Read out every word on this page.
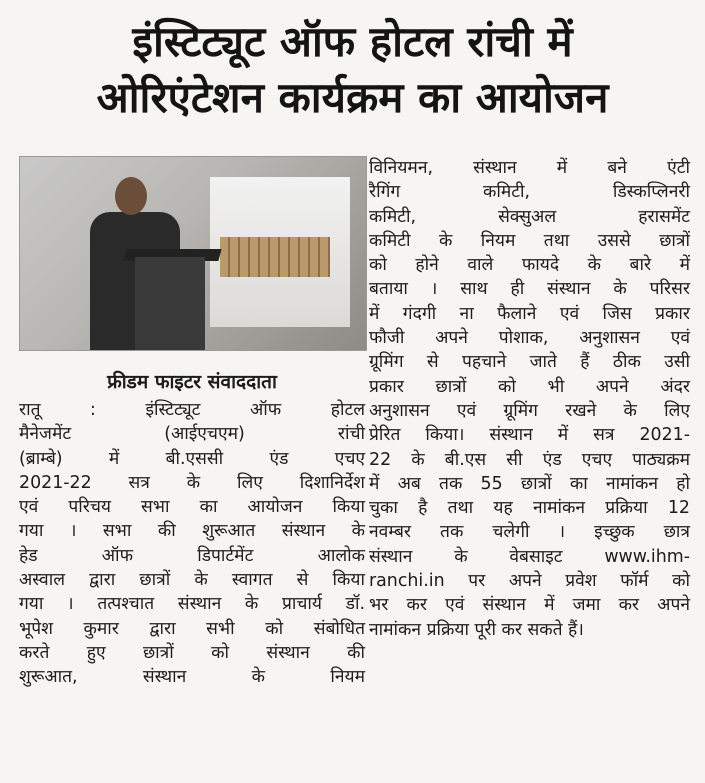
इंस्टिट्यूट ऑफ होटल रांची में
ओरिएंटेशन कार्यक्रम का आयोजन
फ्रीडम फाइटर संवाददाता
रातू : इंस्टिट्यूट ऑफ होटल
मैनेजमेंट (आईएचएम) रांची
(ब्राम्बे) में बी.एससी एंड एचए
2021-22 सत्र के लिए दिशानिर्देश
एवं परिचय सभा का आयोजन किया
गया । सभा की शुरूआत संस्थान के
हेड ऑफ डिपार्टमेंट आलोक
अस्वाल द्वारा छात्रों के स्वागत से किया
गया । तत्पश्चात संस्थान के प्राचार्य डॉ.
भूपेश कुमार द्वारा सभी को संबोधित
करते हुए छात्रों को संस्थान की
शुरूआत, संस्थान के नियम
विनियमन, संस्थान में बने एंटी
रैगिंग कमिटी, डिस्कप्लिनरी
कमिटी, सेक्सुअल हरासमेंट
कमिटी के नियम तथा उससे छात्रों
को होने वाले फायदे के बारे में
बताया । साथ ही संस्थान के परिसर
में गंदगी ना फैलाने एवं जिस प्रकार
फौजी अपने पोशाक, अनुशासन एवं
ग्रूमिंग से पहचाने जाते हैं ठीक उसी
प्रकार छात्रों को भी अपने अंदर
अनुशासन एवं ग्रूमिंग रखने के लिए
प्रेरित किया। संस्थान में सत्र 2021-
22 के बी.एस सी एंड एचए पाठ्यक्रम
में अब तक 55 छात्रों का नामांकन हो
चुका है तथा यह नामांकन प्रक्रिया 12
नवम्बर तक चलेगी । इच्छुक छात्र
संस्थान के वेबसाइट www.ihm-
ranchi.in पर अपने प्रवेश फॉर्म को
भर कर एवं संस्थान में जमा कर अपने
नामांकन प्रक्रिया पूरी कर सकते हैं।
